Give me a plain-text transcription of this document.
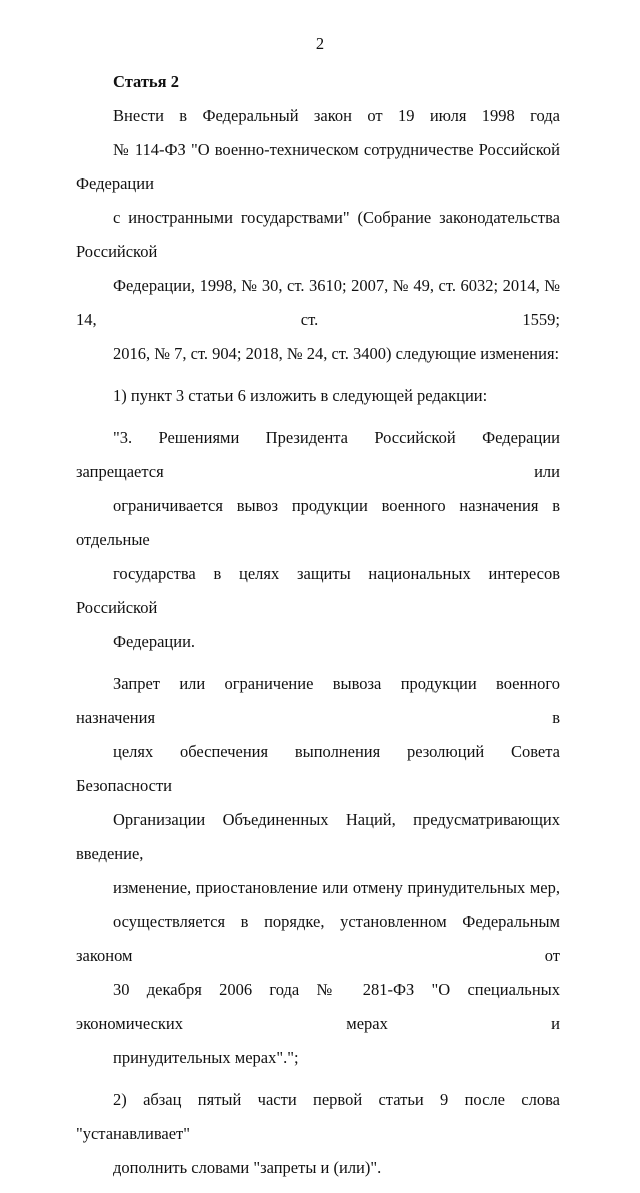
2
Статья 2

Внести в Федеральный закон от 19 июля 1998 года
№ 114-ФЗ "О военно-техническом сотрудничестве Российской Федерации
с иностранными государствами" (Собрание законодательства Российской
Федерации, 1998, № 30, ст. 3610; 2007, № 49, ст. 6032; 2014, № 14, ст. 1559;
2016, № 7, ст. 904; 2018, № 24, ст. 3400) следующие изменения:

1) пункт 3 статьи 6 изложить в следующей редакции:

"3. Решениями Президента Российской Федерации запрещается или
ограничивается вывоз продукции военного назначения в отдельные
государства в целях защиты национальных интересов Российской
Федерации.

Запрет или ограничение вывоза продукции военного назначения в
целях обеспечения выполнения резолюций Совета Безопасности
Организации Объединенных Наций, предусматривающих введение,
изменение, приостановление или отмену принудительных мер,
осуществляется в порядке, установленном Федеральным законом от
30 декабря 2006 года № 281-ФЗ "О специальных экономических мерах и
принудительных мерах".";

2) абзац пятый части первой статьи 9 после слова "устанавливает"
дополнить словами "запреты и (или)".
